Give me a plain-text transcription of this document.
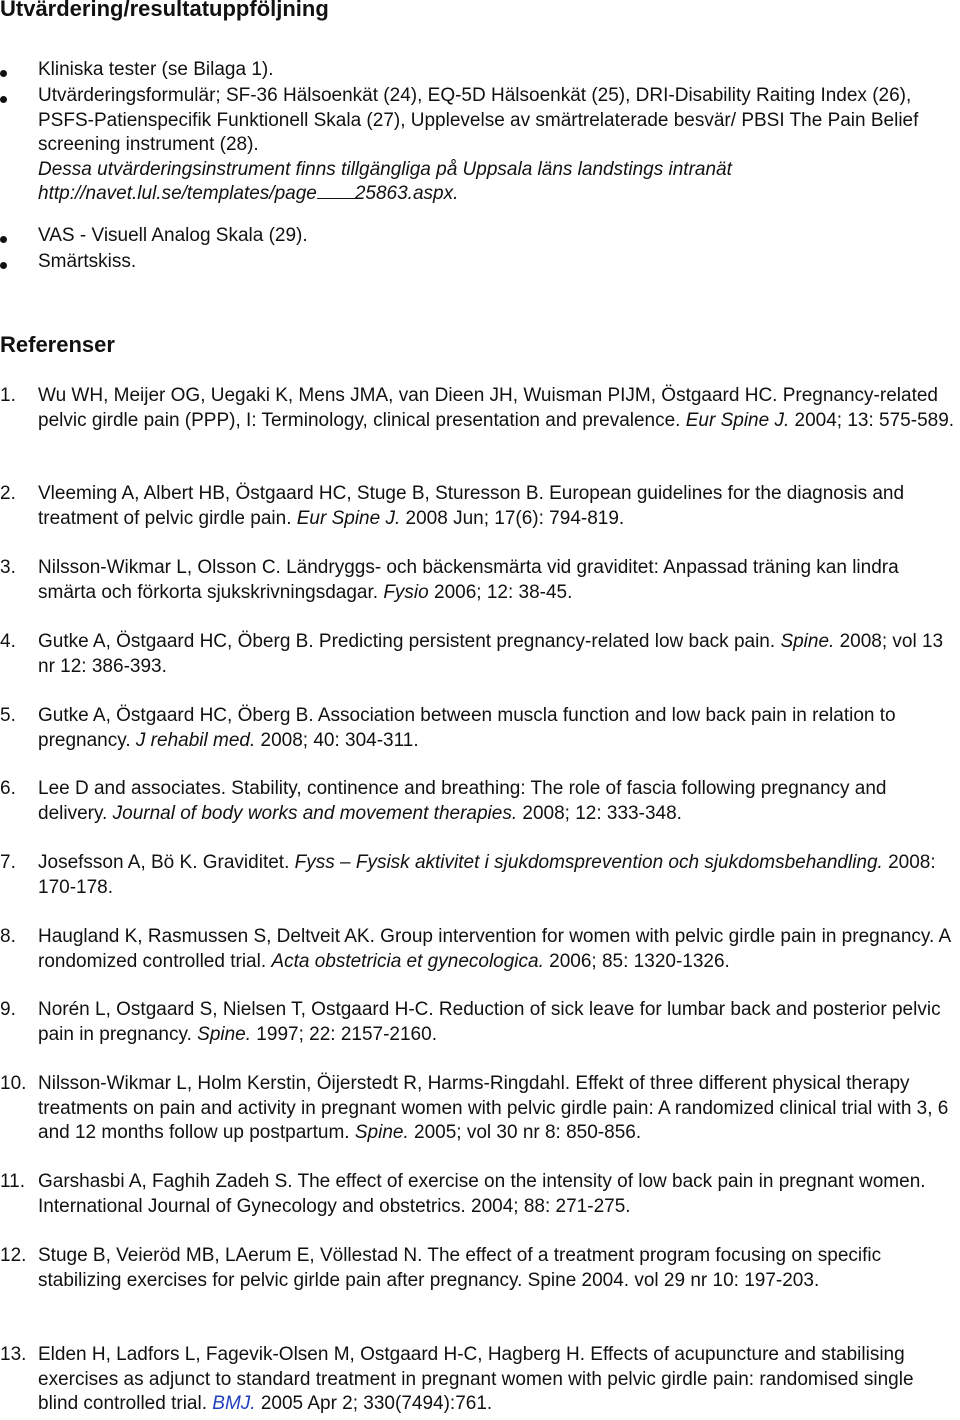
Utvärdering/resultatuppföljning
Kliniska tester (se Bilaga 1).
Utvärderingsformulär; SF-36 Hälsoenkät (24), EQ-5D Hälsoenkät (25), DRI-Disability Raiting Index (26), PSFS-Patienspecifik Funktionell Skala (27), Upplevelse av smärtrelaterade besvär/ PBSI The Pain Belief screening instrument (28).
Dessa utvärderingsinstrument finns tillgängliga på Uppsala läns landstings intranät http://navet.lul.se/templates/page 25863.aspx.
VAS - Visuell Analog Skala (29).
Smärtskiss.
Referenser
1. Wu WH, Meijer OG, Uegaki K, Mens JMA, van Dieen JH, Wuisman PIJM, Östgaard HC. Pregnancy-related pelvic girdle pain (PPP), I: Terminology, clinical presentation and prevalence. Eur Spine J. 2004; 13: 575-589.
2. Vleeming A, Albert HB, Östgaard HC, Stuge B, Sturesson B. European guidelines for the diagnosis and treatment of pelvic girdle pain. Eur Spine J. 2008 Jun; 17(6): 794-819.
3. Nilsson-Wikmar L, Olsson C. Ländryggs- och bäckensmärta vid graviditet: Anpassad träning kan lindra smärta och förkorta sjukskrivningsdagar. Fysio 2006; 12: 38-45.
4. Gutke A, Östgaard HC, Öberg B. Predicting persistent pregnancy-related low back pain. Spine. 2008; vol 13 nr 12: 386-393.
5. Gutke A, Östgaard HC, Öberg B. Association between muscla function and low back pain in relation to pregnancy. J rehabil med. 2008; 40: 304-311.
6. Lee D and associates. Stability, continence and breathing: The role of fascia following pregnancy and delivery. Journal of body works and movement therapies. 2008; 12: 333-348.
7. Josefsson A, Bö K. Graviditet. Fyss – Fysisk aktivitet i sjukdomsprevention och sjukdomsbehandling. 2008: 170-178.
8. Haugland K, Rasmussen S, Deltveit AK. Group intervention for women with pelvic girdle pain in pregnancy. A rondomized controlled trial. Acta obstetricia et gynecologica. 2006; 85: 1320-1326.
9. Norén L, Ostgaard S, Nielsen T, Ostgaard H-C. Reduction of sick leave for lumbar back and posterior pelvic pain in pregnancy. Spine. 1997; 22: 2157-2160.
10. Nilsson-Wikmar L, Holm Kerstin, Öijerstedt R, Harms-Ringdahl. Effekt of three different physical therapy treatments on pain and activity in pregnant women with pelvic girdle pain: A randomized clinical trial with 3, 6 and 12 months follow up postpartum. Spine. 2005; vol 30 nr 8: 850-856.
11. Garshasbi A, Faghih Zadeh S. The effect of exercise on the intensity of low back pain in pregnant women. International Journal of Gynecology and obstetrics. 2004; 88: 271-275.
12. Stuge B, Veieröd MB, LAerum E, Völlestad N. The effect of a treatment program focusing on specific stabilizing exercises for pelvic girlde pain after pregnancy. Spine 2004. vol 29 nr 10: 197-203.
13. Elden H, Ladfors L, Fagevik-Olsen M, Ostgaard H-C, Hagberg H. Effects of acupuncture and stabilising exercises as adjunct to standard treatment in pregnant women with pelvic girdle pain: randomised single blind controlled trial. BMJ. 2005 Apr 2; 330(7494):761.
